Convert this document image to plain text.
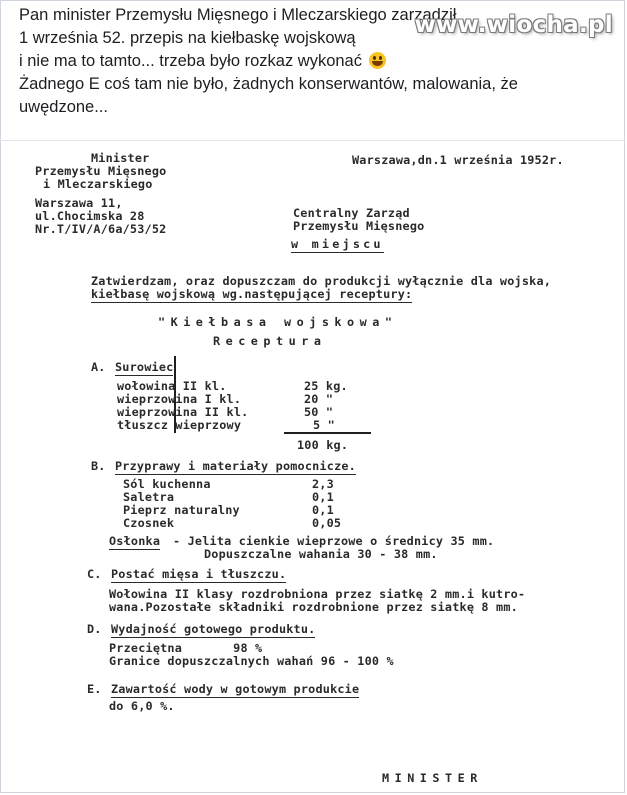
Pan minister Przemysłu Mięsnego i Mleczarskiego zarządził
1 września 52. przepis na kiełbaskę wojskową
i nie ma to tamto... trzeba było rozkaz wykonać
Żadnego E coś tam nie było, żadnych konserwantów, malowania, że
uwędzone...
www.wiocha.pl
Minister
Przemysłu Mięsnego
i Mleczarskiego
Warszawa,dn.1 września 1952r.
Warszawa 11,
ul.Chocimska 28
Nr.T/IV/A/6a/53/52
Centralny Zarząd
Przemysłu Mięsnego
w miejscu
Zatwierdzam, oraz dopuszczam do produkcji wyłącznie dla wojska,
kiełbasę wojskową wg.następującej receptury:
"Kiełbasa wojskowa"
Receptura
A. Surowiec
wołowina II kl.	25 kg.
wieprzowina I kl.	20 "
wieprzowina II kl.	50 "
tłuszcz wieprzowy	5 "
100 kg.
B. Przyprawy i materiały pomocnicze.
Sól kuchenna	2,3
Saletra	0,1
Pieprz naturalny	0,1
Czosnek	0,05
Osłonka - Jelita cienkie wieprzowe o średnicy 35 mm.
Dopuszczalne wahania 30 - 38 mm.
C. Postać mięsa i tłuszczu.
Wołowina II klasy rozdrobniona przez siatkę 2 mm.i kutro-
wana.Pozostałe składniki rozdrobnione przez siatkę 8 mm.
D. Wydajność gotowego produktu.
Przeciętna       98 %
Granice dopuszczalnych wahań 96 - 100 %
E. Zawartość wody w gotowym produkcie
do 6,0 %.
MINISTER
